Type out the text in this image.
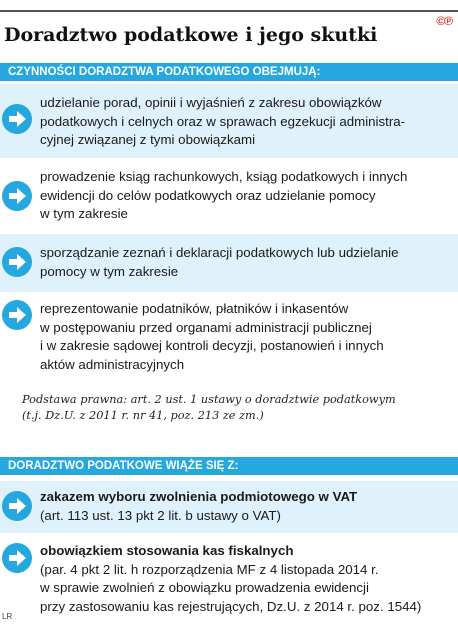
©℗
Doradztwo podatkowe i jego skutki
CZYNNOŚCI DORADZTWA PODATKOWEGO OBEJMUJĄ:
udzielanie porad, opinii i wyjaśnień z zakresu obowiązków
podatkowych i celnych oraz w sprawach egzekucji administra-
cyjnej związanej z tymi obowiązkami
prowadzenie ksiąg rachunkowych, ksiąg podatkowych i innych
ewidencji do celów podatkowych oraz udzielanie pomocy
w tym zakresie
sporządzanie zeznań i deklaracji podatkowych lub udzielanie
pomocy w tym zakresie
reprezentowanie podatników, płatników i inkasentów
w postępowaniu przed organami administracji publicznej
i w zakresie sądowej kontroli decyzji, postanowień i innych
aktów administracyjnych
Podstawa prawna: art. 2 ust. 1 ustawy o doradztwie podatkowym
(t.j. Dz.U. z 2011 r. nr 41, poz. 213 ze zm.)
DORADZTWO PODATKOWE WIĄŻE SIĘ Z:
zakazem wyboru zwolnienia podmiotowego w VAT
(art. 113 ust. 13 pkt 2 lit. b ustawy o VAT)
obowiązkiem stosowania kas fiskalnych
(par. 4 pkt 2 lit. h rozporządzenia MF z 4 listopada 2014 r.
w sprawie zwolnień z obowiązku prowadzenia ewidencji
przy zastosowaniu kas rejestrujących, Dz.U. z 2014 r. poz. 1544)
LR
